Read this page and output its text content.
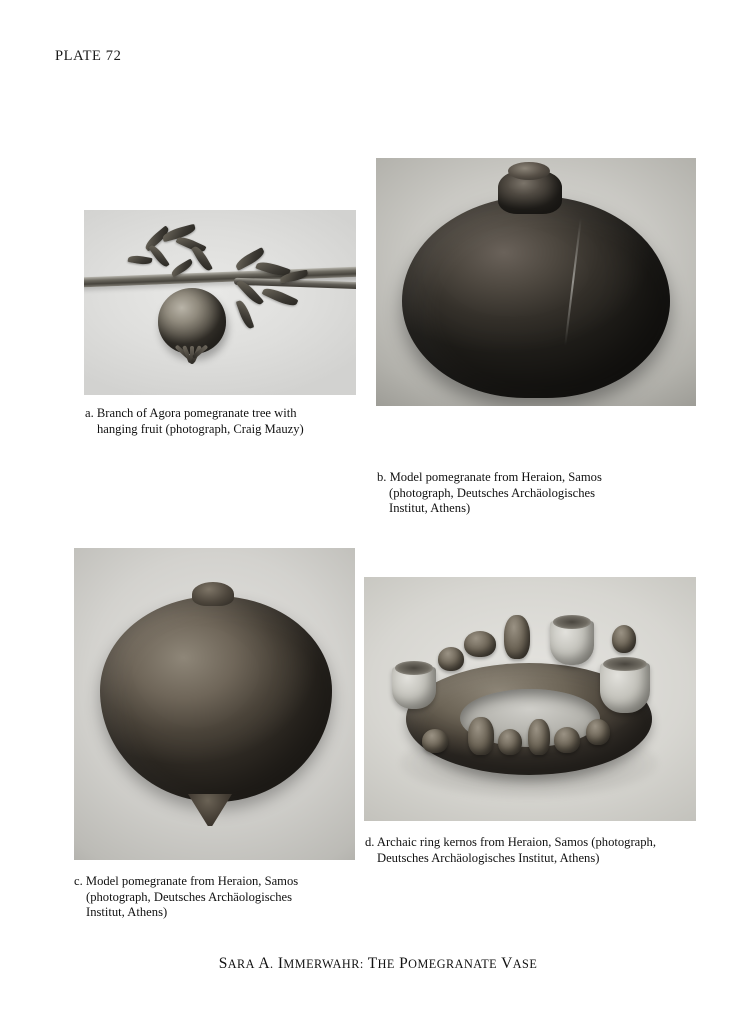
PLATE 72
a. Branch of Agora pomegranate tree with
hanging fruit (photograph, Craig Mauzy)
b. Model pomegranate from Heraion, Samos
(photograph, Deutsches Archäologisches
Institut, Athens)
c. Model pomegranate from Heraion, Samos
(photograph, Deutsches Archäologisches
Institut, Athens)
d. Archaic ring kernos from Heraion, Samos (photograph,
Deutsches Archäologisches Institut, Athens)
SARA A. IMMERWAHR: THE POMEGRANATE VASE
